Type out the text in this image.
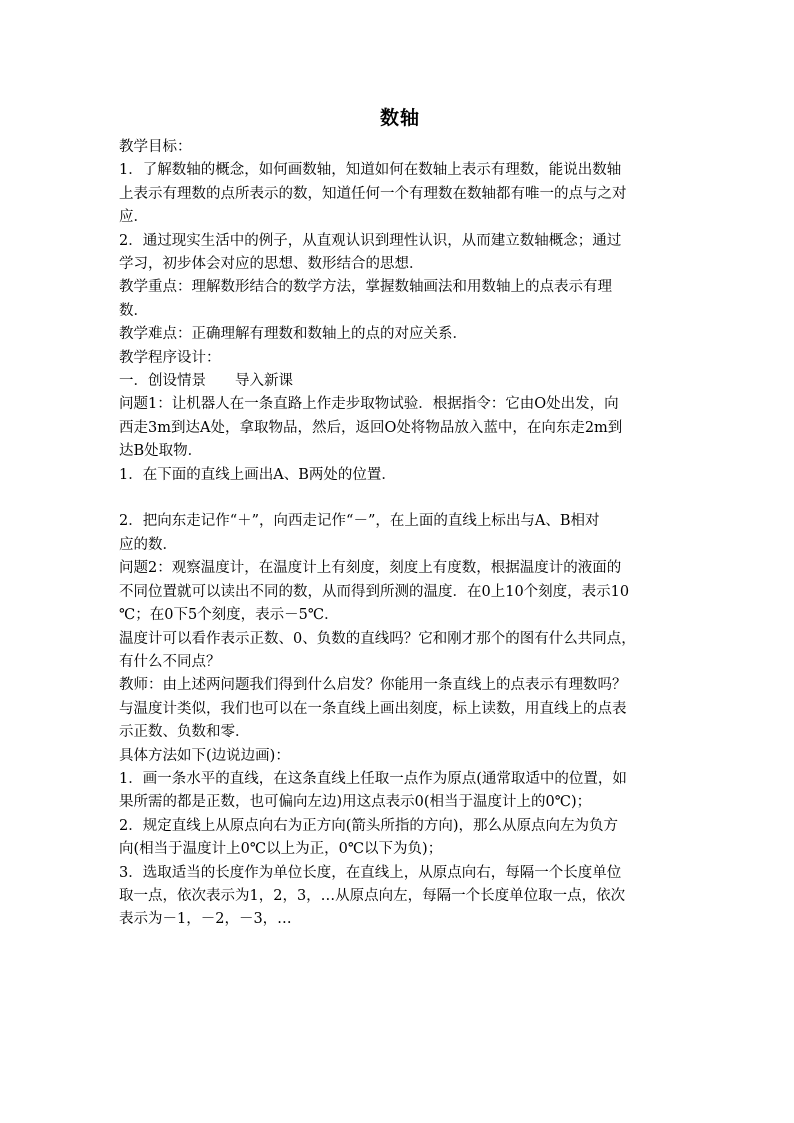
数轴

教学目标：

1．了解数轴的概念，如何画数轴，知道如何在数轴上表示有理数，能说出数轴

上表示有理数的点所表示的数，知道任何一个有理数在数轴都有唯一的点与之对

应．

2．通过现实生活中的例子，从直观认识到理性认识，从而建立数轴概念；通过

学习，初步体会对应的思想、数形结合的思想．

教学重点：理解数形结合的数学方法，掌握数轴画法和用数轴上的点表示有理

数．

教学难点：正确理解有理数和数轴上的点的对应关系．

教学程序设计：

一．创设情景　　导入新课

问题1：让机器人在一条直路上作走步取物试验．根据指令：它由O处出发，向

西走3m到达A处，拿取物品，然后，返回O处将物品放入蓝中，在向东走2m到

达B处取物．

1．在下面的直线上画出A、B两处的位置．

2．把向东走记作“＋”，向西走记作“－”，在上面的直线上标出与A、B相对

应的数．

问题2：观察温度计，在温度计上有刻度，刻度上有度数，根据温度计的液面的

不同位置就可以读出不同的数，从而得到所测的温度．在0上10个刻度，表示10

℃；在0下5个刻度，表示－5℃．

温度计可以看作表示正数、0、负数的直线吗？它和刚才那个的图有什么共同点，

有什么不同点？

教师：由上述两问题我们得到什么启发？你能用一条直线上的点表示有理数吗？

与温度计类似，我们也可以在一条直线上画出刻度，标上读数，用直线上的点表

示正数、负数和零．

具体方法如下(边说边画)：

1．画一条水平的直线，在这条直线上任取一点作为原点(通常取适中的位置，如

果所需的都是正数，也可偏向左边)用这点表示0(相当于温度计上的0℃)；

2．规定直线上从原点向右为正方向(箭头所指的方向)，那么从原点向左为负方

向(相当于温度计上0℃以上为正，0℃以下为负)；

3．选取适当的长度作为单位长度，在直线上，从原点向右，每隔一个长度单位

取一点，依次表示为1，2，3，…从原点向左，每隔一个长度单位取一点，依次

表示为－1，－2，－3，…
